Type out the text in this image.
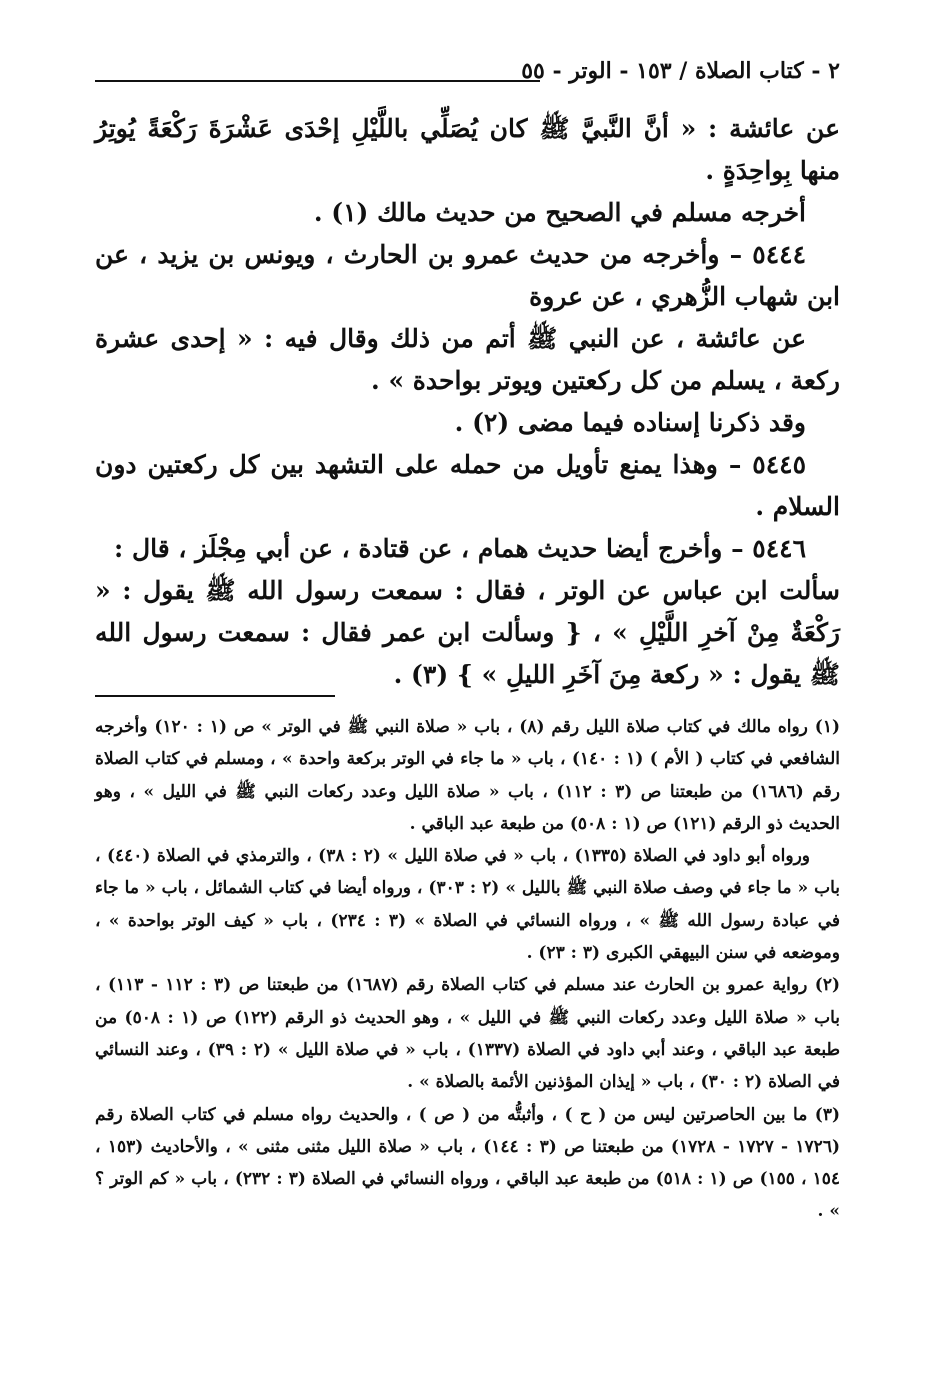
٢ - كتاب الصلاة / ١٥٣ - الوتر - ٥٥

عن عائشة : « أنَّ النَّبيَّ ﷺ كان يُصَلِّي باللَّيْلِ إحْدَى عَشْرَةَ رَكْعَةً يُوتِرُ منها بِواحِدَةٍ .

أخرجه مسلم في الصحيح من حديث مالك (١) .

٥٤٤٤ – وأخرجه من حديث عمرو بن الحارث ، ويونس بن يزيد ، عن ابن شهاب الزُّهري ، عن عروة

عن عائشة ، عن النبي ﷺ أتم من ذلك وقال فيه : « إحدى عشرة ركعة ، يسلم من كل ركعتين ويوتر بواحدة » .

وقد ذكرنا إسناده فيما مضى (٢) .

٥٤٤٥ – وهذا يمنع تأويل من حمله على التشهد بين كل ركعتين دون السلام .

٥٤٤٦ – وأخرج أيضا حديث همام ، عن قتادة ، عن أبي مِجْلَز ، قال :

سألت ابن عباس عن الوتر ، فقال : سمعت رسول الله ﷺ يقول : « رَكْعَةٌ مِنْ آخرِ اللَّيْلِ » ، { وسألت ابن عمر فقال : سمعت رسول الله ﷺ يقول : « ركعة مِنَ آخَرِ الليلِ » } (٣) .

(١) رواه مالك في كتاب صلاة الليل رقم (٨) ، باب « صلاة النبي ﷺ في الوتر » ص (١ : ١٢٠) وأخرجه الشافعي في كتاب ( الأم ) (١ : ١٤٠) ، باب « ما جاء في الوتر بركعة واحدة » ، ومسلم في كتاب الصلاة رقم (١٦٨٦) من طبعتنا ص (٣ : ١١٢) ، باب « صلاة الليل وعدد ركعات النبي ﷺ في الليل » ، وهو الحديث ذو الرقم (١٢١) ص (١ : ٥٠٨) من طبعة عبد الباقي .

ورواه أبو داود في الصلاة (١٣٣٥) ، باب « في صلاة الليل » (٢ : ٣٨) ، والترمذي في الصلاة (٤٤٠) ، باب « ما جاء في وصف صلاة النبي ﷺ بالليل » (٢ : ٣٠٣) ، ورواه أيضا في كتاب الشمائل ، باب « ما جاء في عبادة رسول الله ﷺ » ، ورواه النسائي في الصلاة » (٣ : ٢٣٤) ، باب « كيف الوتر بواحدة » ، وموضعه في سنن البيهقي الكبرى (٣ : ٢٣) .

(٢) رواية عمرو بن الحارث عند مسلم في كتاب الصلاة رقم (١٦٨٧) من طبعتنا ص (٣ : ١١٢ - ١١٣) ، باب « صلاة الليل وعدد ركعات النبي ﷺ في الليل » ، وهو الحديث ذو الرقم (١٢٢) ص (١ : ٥٠٨) من طبعة عبد الباقي ، وعند أبي داود في الصلاة (١٣٣٧) ، باب « في صلاة الليل » (٢ : ٣٩) ، وعند النسائي في الصلاة (٢ : ٣٠) ، باب « إيذان المؤذنين الأئمة بالصلاة » .

(٣) ما بين الحاصرتين ليس من ( ح ) ، وأثبتُّه من ( ص ) ، والحديث رواه مسلم في كتاب الصلاة رقم (١٧٢٦ - ١٧٢٧ - ١٧٢٨) من طبعتنا ص (٣ : ١٤٤) ، باب « صلاة الليل مثنى مثنى » ، والأحاديث (١٥٣ ، ١٥٤ ، ١٥٥) ص (١ : ٥١٨) من طبعة عبد الباقي ، ورواه النسائي في الصلاة (٣ : ٢٣٢) ، باب « كم الوتر ؟ » .
